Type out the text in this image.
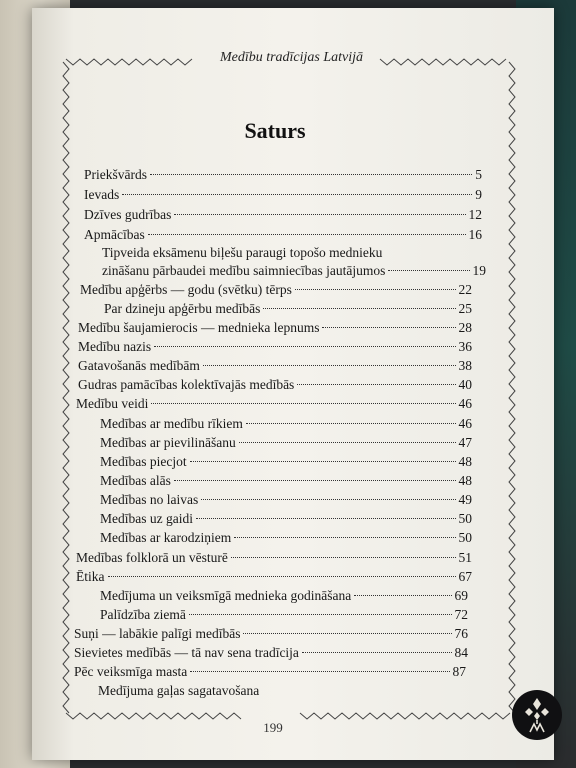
Medību tradīcijas Latvijā
Saturs
Priekšvārds	5
Ievads	9
Dzīves gudrības	12
Apmācības	16
Tipveida eksāmenu biļešu paraugi topošo mednieku
zināšanu pārbaudei medību saimniecības jautājumos	19
Medību apģērbs — godu (svētku) tērps	22
Par dzineju apģērbu medībās	25
Medību šaujamierocis — mednieka lepnums	28
Medību nazis	36
Gatavošanās medībām	38
Gudras pamācības kolektīvajās medībās	40
Medību veidi	46
Medības ar medību rīkiem	46
Medības ar pievilināšanu	47
Medības piecjot	48
Medības alās	48
Medības no laivas	49
Medības uz gaidi	50
Medības ar karodziņiem	50
Medības folklorā un vēsturē	51
Ētika	67
Medījuma un veiksmīgā mednieka godināšana	69
Palīdzība ziemā	72
Suņi — labākie palīgi medībās	76
Sievietes medībās — tā nav sena tradīcija	84
Pēc veiksmīga masta	87
Medījuma gaļas sagatavošana
199
